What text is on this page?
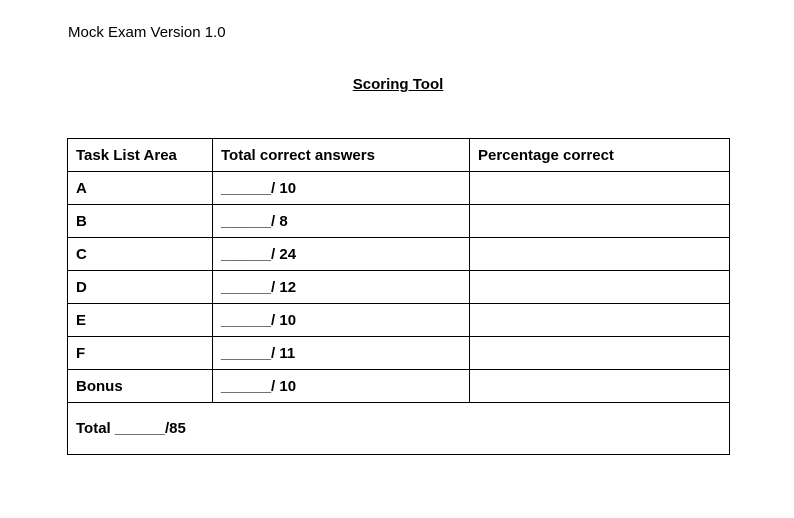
Mock Exam Version 1.0
Scoring Tool
Task List Area	Total correct answers	Percentage correct
A	______/ 10	
B	______/ 8	
C	______/ 24	
D	______/ 12	
E	______/ 10	
F	______/ 11	
Bonus	______/ 10	
Total ______/85		
